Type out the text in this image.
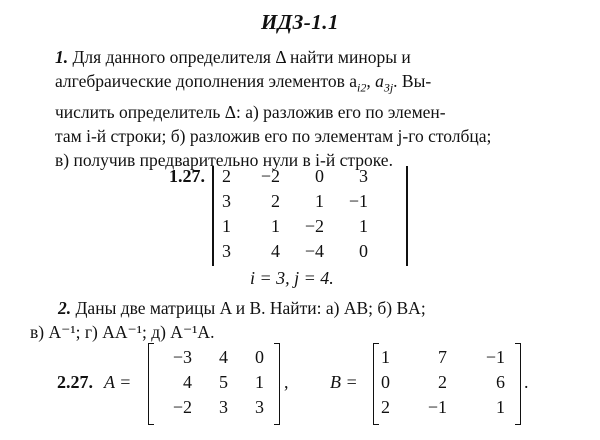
ИДЗ-1.1
1. Для данного определителя Δ найти миноры и
алгебраические дополнения элементов $a_{i2}$, $a_{3j}$. Вы-
числить определитель Δ: а) разложив его по элемен-
там i-й строки; б) разложив его по элементам j-го столбца;
в) получив предварительно нули в i-й строке.
1.27. 2	−2	0	3
3	2	1	−1
1	1	−2	1
3	4	−4	0
i = 3, j = 4.
2. Даны две матрицы A и B. Найти: а) AB; б) BA;
в) A⁻¹; г) AA⁻¹; д) A⁻¹A.
2.27. A =
−3	4	0
4	5	1
−2	3	3
, B =
1	7	−1
0	2	6
2	−1	1
.
